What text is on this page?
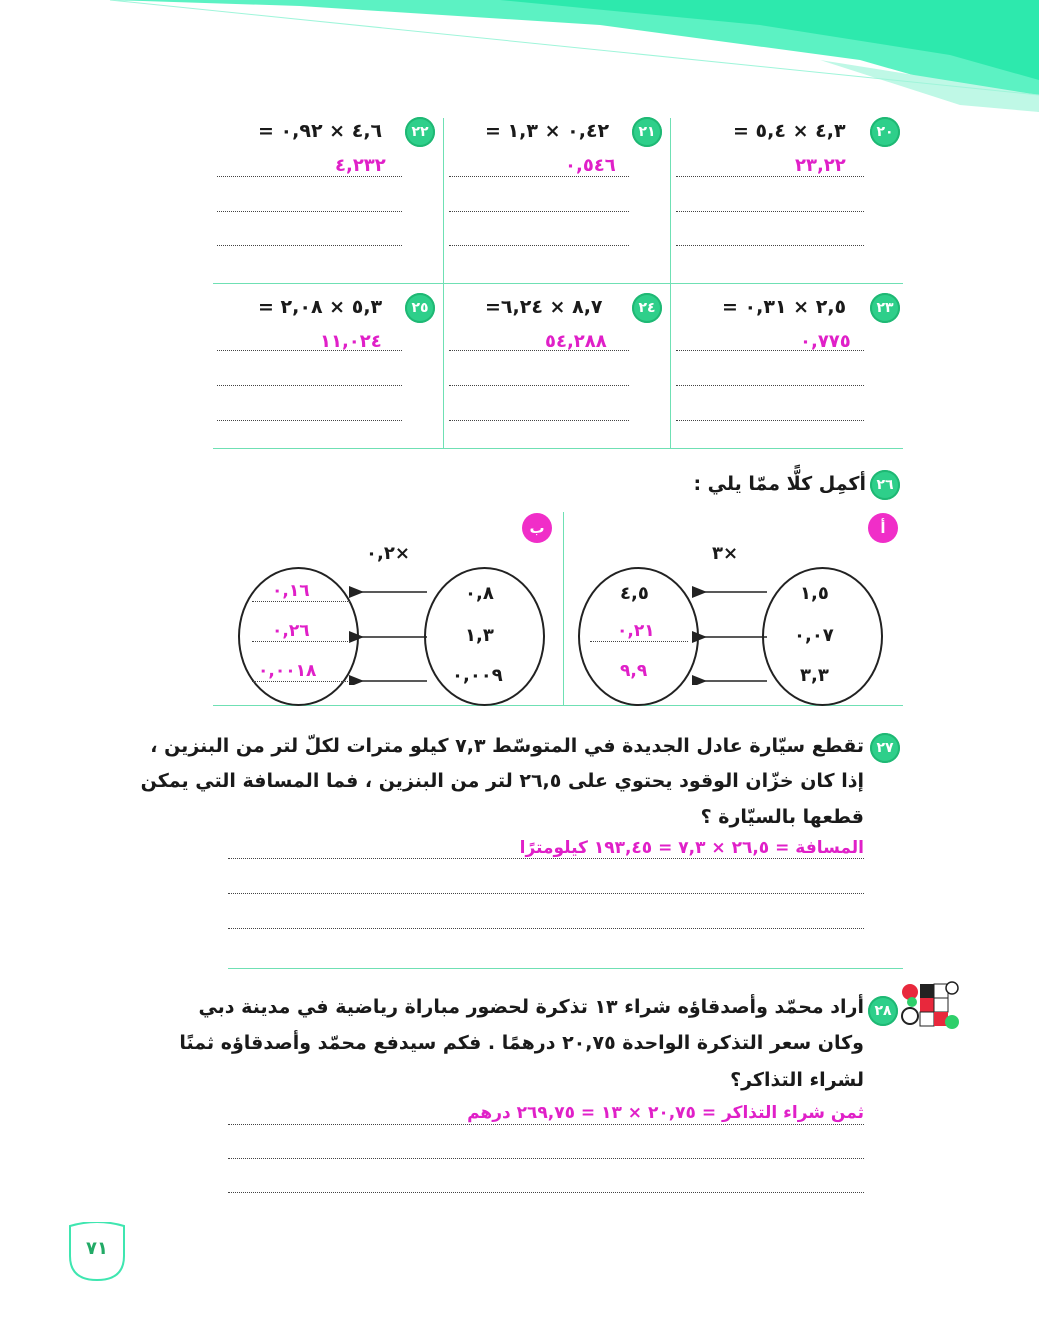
٢٠
= ٤,٣ × ٥,٤
٢٣,٢٢
٢١
= ٠,٤٢ × ١,٣
٠,٥٤٦
٢٢
= ٤,٦ × ٠,٩٢
٤,٢٣٢
٢٣
= ٢,٥ × ٠,٣١
٠,٧٧٥
٢٤
=٨,٧ × ٦,٢٤
٥٤,٢٨٨
٢٥
= ٥,٣ × ٢,٠٨
١١,٠٢٤
٢٦
أكمِل كلًّا ممّا يلي :
أ
٣×
١,٥
٠,٠٧
٣,٣
٤,٥
٠,٢١
٩,٩
ب
٠,٢×
٠,٨
١,٣
٠,٠٠٩
٠,١٦
٠,٢٦
٠,٠٠١٨
٢٧
تقطع سيّارة عادل الجديدة في المتوسّط ٧,٣ كيلو مترات لكلّ لتر من البنزين ،
إذا كان خزّان الوقود يحتوي على ٢٦,٥ لتر من البنزين ، فما المسافة التي يمكن
قطعها بالسيّارة ؟
المسافة = ٢٦,٥ × ٧,٣ = ١٩٣,٤٥ كيلومترًا
٢٨
أراد محمّد وأصدقاؤه شراء ١٣ تذكرة لحضور مباراة رياضية في مدينة دبي
وكان سعر التذكرة الواحدة ٢٠,٧٥ درهمًا . فكم سيدفع محمّد وأصدقاؤه ثمنًا
لشراء التذاكر؟
ثمن شراء التذاكر = ٢٠,٧٥ × ١٣ = ٢٦٩,٧٥ درهم
٧١
